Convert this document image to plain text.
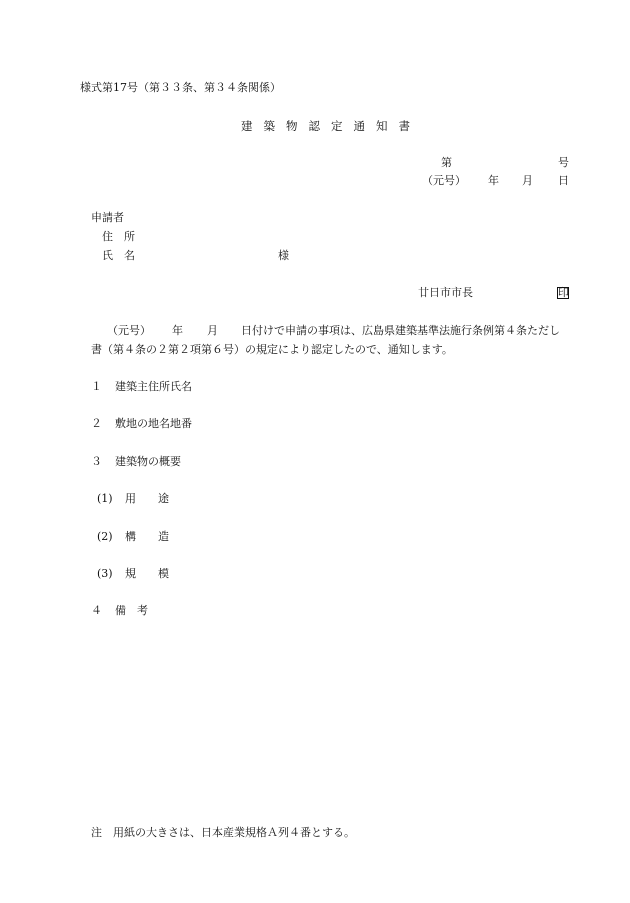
様式第17号（第３３条、第３４条関係）
建築物認定通知書
第	号
（元号） 年 月 日
申請者
住　所
氏　名	様
廿日市市長	印
（元号） 年 月 日付けで申請の事項は、広島県建築基準法施行条例第４条ただし
書（第４条の２第２項第６号）の規定により認定したので、通知します。
１ 建築主住所氏名
２ 敷地の地名地番
３ 建築物の概要
(1) 用　　途
(2) 構　　造
(3) 規　　模
４ 備　考
注　用紙の大きさは、日本産業規格Ａ列４番とする。
